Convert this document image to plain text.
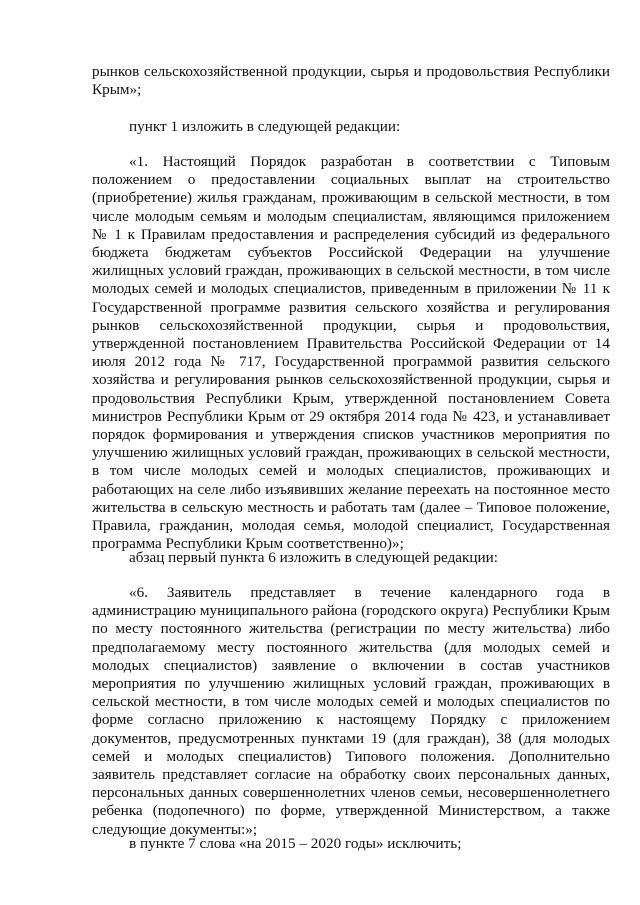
рынков сельскохозяйственной продукции, сырья и продовольствия Республики Крым»;

пункт 1 изложить в следующей редакции:

«1. Настоящий Порядок разработан в соответствии с Типовым положением о предоставлении социальных выплат на строительство (приобретение) жилья гражданам, проживающим в сельской местности, в том числе молодым семьям и молодым специалистам, являющимся приложением № 1 к Правилам предоставления и распределения субсидий из федерального бюджета бюджетам субъектов Российской Федерации на улучшение жилищных условий граждан, проживающих в сельской местности, в том числе молодых семей и молодых специалистов, приведенным в приложении № 11 к Государственной программе развития сельского хозяйства и регулирования рынков сельскохозяйственной продукции, сырья и продовольствия, утвержденной постановлением Правительства Российской Федерации от 14 июля 2012 года № 717, Государственной программой развития сельского хозяйства и регулирования рынков сельскохозяйственной продукции, сырья и продовольствия Республики Крым, утвержденной постановлением Совета министров Республики Крым от 29 октября 2014 года № 423, и устанавливает порядок формирования и утверждения списков участников мероприятия по улучшению жилищных условий граждан, проживающих в сельской местности, в том числе молодых семей и молодых специалистов, проживающих и работающих на селе либо изъявивших желание переехать на постоянное место жительства в сельскую местность и работать там (далее – Типовое положение, Правила, гражданин, молодая семья, молодой специалист, Государственная программа Республики Крым соответственно)»;

абзац первый пункта 6 изложить в следующей редакции:

«6. Заявитель представляет в течение календарного года в администрацию муниципального района (городского округа) Республики Крым по месту постоянного жительства (регистрации по месту жительства) либо предполагаемому месту постоянного жительства (для молодых семей и молодых специалистов) заявление о включении в состав участников мероприятия по улучшению жилищных условий граждан, проживающих в сельской местности, в том числе молодых семей и молодых специалистов по форме согласно приложению к настоящему Порядку с приложением документов, предусмотренных пунктами 19 (для граждан), 38 (для молодых семей и молодых специалистов) Типового положения. Дополнительно заявитель представляет согласие на обработку своих персональных данных, персональных данных совершеннолетних членов семьи, несовершеннолетнего ребенка (подопечного) по форме, утвержденной Министерством, а также следующие документы:»;

в пункте 7 слова «на 2015 – 2020 годы» исключить;
